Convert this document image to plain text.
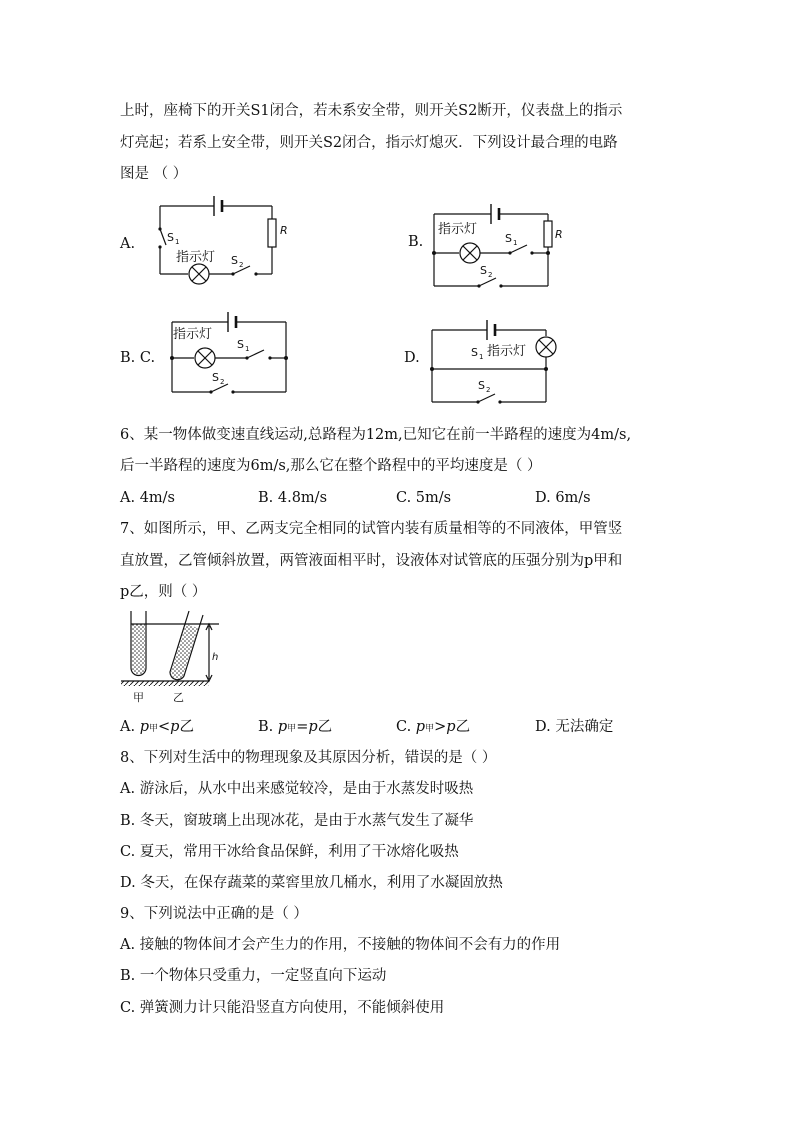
上时，座椅下的开关S1闭合，若未系安全带，则开关S2断开，仪表盘上的指示
灯亮起；若系上安全带，则开关S2闭合，指示灯熄灭．下列设计最合理的电路
图是 （ ）
A.	B.
B. C.	D.
S 1
指示灯 S 2
R	指示灯
S 1
S 2
R
指示灯
S 1
S 2
S 1 指示灯
S 2
6、某一物体做变速直线运动,总路程为12m,已知它在前一半路程的速度为4m/s,
后一半路程的速度为6m/s,那么它在整个路程中的平均速度是（ ）
A. 4m/s	B. 4.8m/s	C. 5m/s	D. 6m/s
7、如图所示，甲、乙两支完全相同的试管内装有质量相等的不同液体，甲管竖
直放置，乙管倾斜放置，两管液面相平时，设液体对试管底的压强分别为p甲和
p乙，则（ ）
h
甲	乙
A. p甲<p乙	B. p甲=p乙	C. p甲>p乙	D. 无法确定
8、下列对生活中的物理现象及其原因分析，错误的是（ ）
A. 游泳后，从水中出来感觉较冷，是由于水蒸发时吸热
B. 冬天，窗玻璃上出现冰花，是由于水蒸气发生了凝华
C. 夏天，常用干冰给食品保鲜，利用了干冰熔化吸热
D. 冬天，在保存蔬菜的菜窖里放几桶水，利用了水凝固放热
9、下列说法中正确的是（ ）
A. 接触的物体间才会产生力的作用，不接触的物体间不会有力的作用
B. 一个物体只受重力，一定竖直向下运动
C. 弹簧测力计只能沿竖直方向使用，不能倾斜使用
